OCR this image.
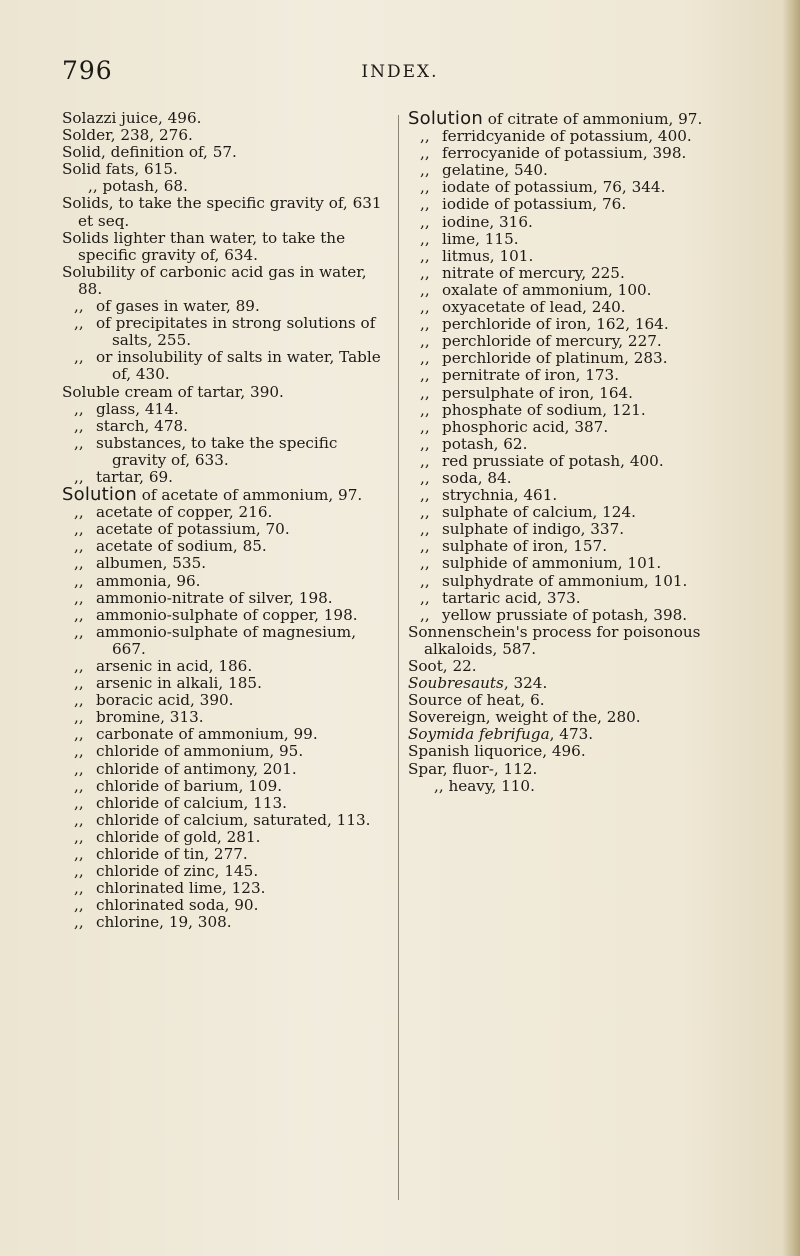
796	INDEX.
Solazzi juice, 496.
Solder, 238, 276.
Solid, definition of, 57.
Solid fats, 615.
,, potash, 68.
Solids, to take the specific gravity of, 631 et seq.
Solids lighter than water, to take the specific gravity of, 634.
Solubility of carbonic acid gas in water, 88.
,, of gases in water, 89.
,, of precipitates in strong solutions of salts, 255.
,, or insolubility of salts in water, Table of, 430.
Soluble cream of tartar, 390.
,, glass, 414.
,, starch, 478.
,, substances, to take the specific gravity of, 633.
,, tartar, 69.
Solution of acetate of ammonium, 97.
,, acetate of copper, 216.
,, acetate of potassium, 70.
,, acetate of sodium, 85.
,, albumen, 535.
,, ammonia, 96.
,, ammonio-nitrate of silver, 198.
,, ammonio-sulphate of copper, 198.
,, ammonio-sulphate of magnesium, 667.
,, arsenic in acid, 186.
,, arsenic in alkali, 185.
,, boracic acid, 390.
,, bromine, 313.
,, carbonate of ammonium, 99.
,, chloride of ammonium, 95.
,, chloride of antimony, 201.
,, chloride of barium, 109.
,, chloride of calcium, 113.
,, chloride of calcium, saturated, 113.
,, chloride of gold, 281.
,, chloride of tin, 277.
,, chloride of zinc, 145.
,, chlorinated lime, 123.
,, chlorinated soda, 90.
,, chlorine, 19, 308.
Solution of citrate of ammonium, 97.
,, ferridcyanide of potassium, 400.
,, ferrocyanide of potassium, 398.
,, gelatine, 540.
,, iodate of potassium, 76, 344.
,, iodide of potassium, 76.
,, iodine, 316.
,, lime, 115.
,, litmus, 101.
,, nitrate of mercury, 225.
,, oxalate of ammonium, 100.
,, oxyacetate of lead, 240.
,, perchloride of iron, 162, 164.
,, perchloride of mercury, 227.
,, perchloride of platinum, 283.
,, pernitrate of iron, 173.
,, persulphate of iron, 164.
,, phosphate of sodium, 121.
,, phosphoric acid, 387.
,, potash, 62.
,, red prussiate of potash, 400.
,, soda, 84.
,, strychnia, 461.
,, sulphate of calcium, 124.
,, sulphate of indigo, 337.
,, sulphate of iron, 157.
,, sulphide of ammonium, 101.
,, sulphydrate of ammonium, 101.
,, tartaric acid, 373.
,, yellow prussiate of potash, 398.
Sonnenschein's process for poisonous alkaloids, 587.
Soot, 22.
Soubresauts, 324.
Source of heat, 6.
Sovereign, weight of the, 280.
Soymida febrifuga, 473.
Spanish liquorice, 496.
Spar, fluor-, 112.
,, heavy, 110.
